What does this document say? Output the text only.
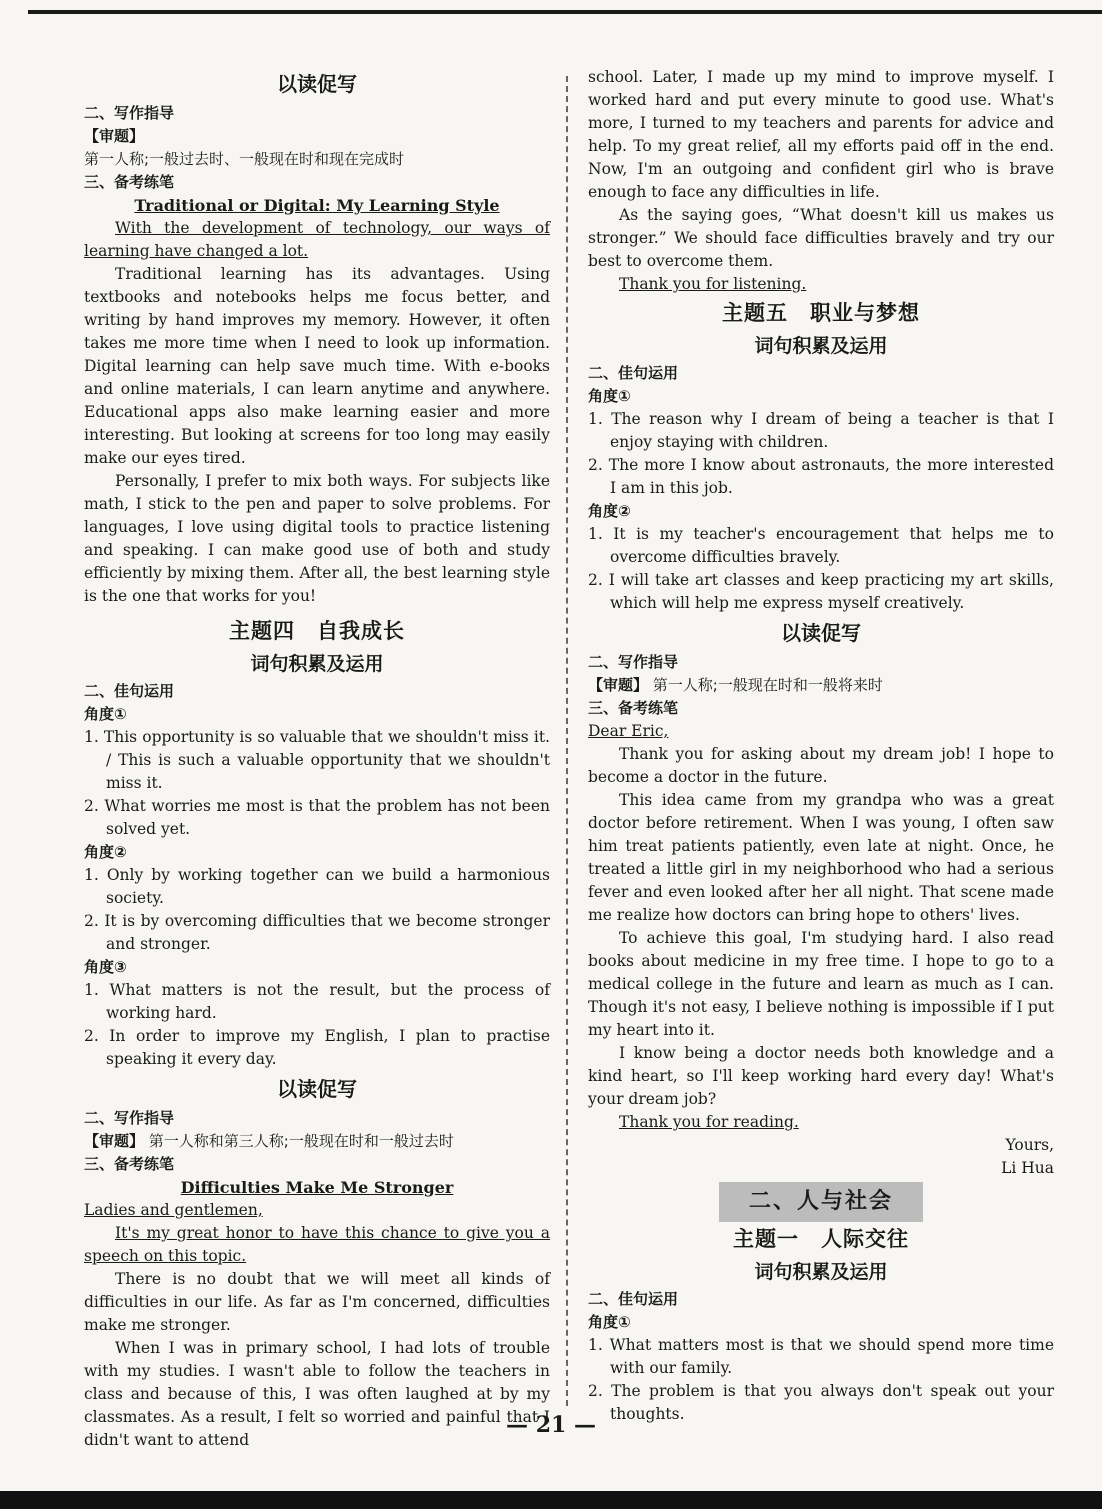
以读促写
二、写作指导
【审题】

第一人称;一般过去时、一般现在时和现在完成时

三、备考练笔
Traditional or Digital: My Learning Style

With the development of technology, our ways of learning have changed a lot.

Traditional learning has its advantages. Using textbooks and notebooks helps me focus better, and writing by hand improves my memory. However, it often takes me more time when I need to look up information. Digital learning can help save much time. With e-books and online materials, I can learn anytime and anywhere. Educational apps also make learning easier and more interesting. But looking at screens for too long may easily make our eyes tired.

Personally, I prefer to mix both ways. For subjects like math, I stick to the pen and paper to solve problems. For languages, I love using digital tools to practice listening and speaking. I can make good use of both and study efficiently by mixing them. After all, the best learning style is the one that works for you!

主题四　自我成长
词句积累及运用
二、佳句运用
角度①

1. This opportunity is so valuable that we shouldn't miss it. / This is such a valuable opportunity that we shouldn't miss it.

2. What worries me most is that the problem has not been solved yet.

角度②

1. Only by working together can we build a harmonious society.

2. It is by overcoming difficulties that we become stronger and stronger.

角度③

1. What matters is not the result, but the process of working hard.

2. In order to improve my English, I plan to practise speaking it every day.

以读促写
二、写作指导

【审题】 第一人称和第三人称;一般现在时和一般过去时

三、备考练笔
Difficulties Make Me Stronger

Ladies and gentlemen,

It's my great honor to have this chance to give you a speech on this topic.

There is no doubt that we will meet all kinds of difficulties in our life. As far as I'm concerned, difficulties make me stronger.

When I was in primary school, I had lots of trouble with my studies. I wasn't able to follow the teachers in class and because of this, I was often laughed at by my classmates. As a result, I felt so worried and painful that I didn't want to attend

school. Later, I made up my mind to improve myself. I worked hard and put every minute to good use. What's more, I turned to my teachers and parents for advice and help. To my great relief, all my efforts paid off in the end. Now, I'm an outgoing and confident girl who is brave enough to face any difficulties in life.

As the saying goes, “What doesn't kill us makes us stronger.” We should face difficulties bravely and try our best to overcome them.

Thank you for listening.

主题五　职业与梦想
词句积累及运用
二、佳句运用
角度①

1. The reason why I dream of being a teacher is that I enjoy staying with children.

2. The more I know about astronauts, the more interested I am in this job.

角度②

1. It is my teacher's encouragement that helps me to overcome difficulties bravely.

2. I will take art classes and keep practicing my art skills, which will help me express myself creatively.

以读促写
二、写作指导

【审题】 第一人称;一般现在时和一般将来时

三、备考练笔

Dear Eric,

Thank you for asking about my dream job! I hope to become a doctor in the future.

This idea came from my grandpa who was a great doctor before retirement. When I was young, I often saw him treat patients patiently, even late at night. Once, he treated a little girl in my neighborhood who had a serious fever and even looked after her all night. That scene made me realize how doctors can bring hope to others' lives.

To achieve this goal, I'm studying hard. I also read books about medicine in my free time. I hope to go to a medical college in the future and learn as much as I can. Though it's not easy, I believe nothing is impossible if I put my heart into it.

I know being a doctor needs both knowledge and a kind heart, so I'll keep working hard every day! What's your dream job?

Thank you for reading.

Yours,
Li Hua
二、人与社会
主题一　人际交往
词句积累及运用
二、佳句运用
角度①

1. What matters most is that we should spend more time with our family.

2. The problem is that you always don't speak out your thoughts.

— 21 —
